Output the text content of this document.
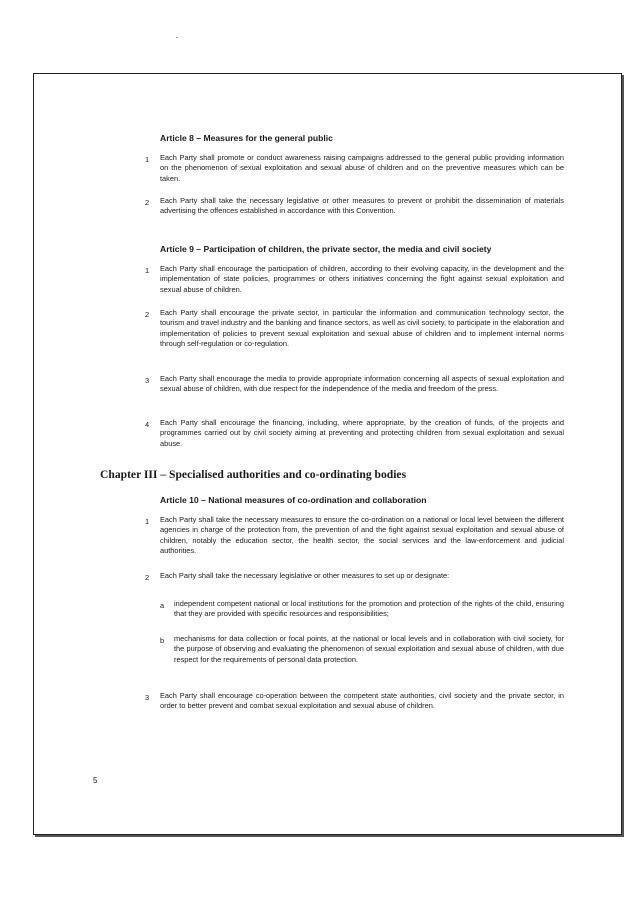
Article 8 – Measures for the general public
1 Each Party shall promote or conduct awareness raising campaigns addressed to the general public providing information on the phenomenon of sexual exploitation and sexual abuse of children and on the preventive measures which can be taken.
2 Each Party shall take the necessary legislative or other measures to prevent or prohibit the dissemination of materials advertising the offences established in accordance with this Convention.
Article 9 – Participation of children, the private sector, the media and civil society
1 Each Party shall encourage the participation of children, according to their evolving capacity, in the development and the implementation of state policies, programmes or others initiatives concerning the fight against sexual exploitation and sexual abuse of children.
2 Each Party shall encourage the private sector, in particular the information and communication technology sector, the tourism and travel industry and the banking and finance sectors, as well as civil society, to participate in the elaboration and implementation of policies to prevent sexual exploitation and sexual abuse of children and to implement internal norms through self-regulation or co-regulation.
3 Each Party shall encourage the media to provide appropriate information concerning all aspects of sexual exploitation and sexual abuse of children, with due respect for the independence of the media and freedom of the press.
4 Each Party shall encourage the financing, including, where appropriate, by the creation of funds, of the projects and programmes carried out by civil society aiming at preventing and protecting children from sexual exploitation and sexual abuse.
Chapter III – Specialised authorities and co-ordinating bodies
Article 10 – National measures of co-ordination and collaboration
1 Each Party shall take the necessary measures to ensure the co-ordination on a national or local level between the different agencies in charge of the protection from, the prevention of and the fight against sexual exploitation and sexual abuse of children, notably the education sector, the health sector, the social services and the law-enforcement and judicial authorities.
2 Each Party shall take the necessary legislative or other measures to set up or designate:
a independent competent national or local institutions for the promotion and protection of the rights of the child, ensuring that they are provided with specific resources and responsibilities;
b mechanisms for data collection or focal points, at the national or local levels and in collaboration with civil society, for the purpose of observing and evaluating the phenomenon of sexual exploitation and sexual abuse of children, with due respect for the requirements of personal data protection.
3 Each Party shall encourage co-operation between the competent state authorities, civil society and the private sector, in order to better prevent and combat sexual exploitation and sexual abuse of children.
5
